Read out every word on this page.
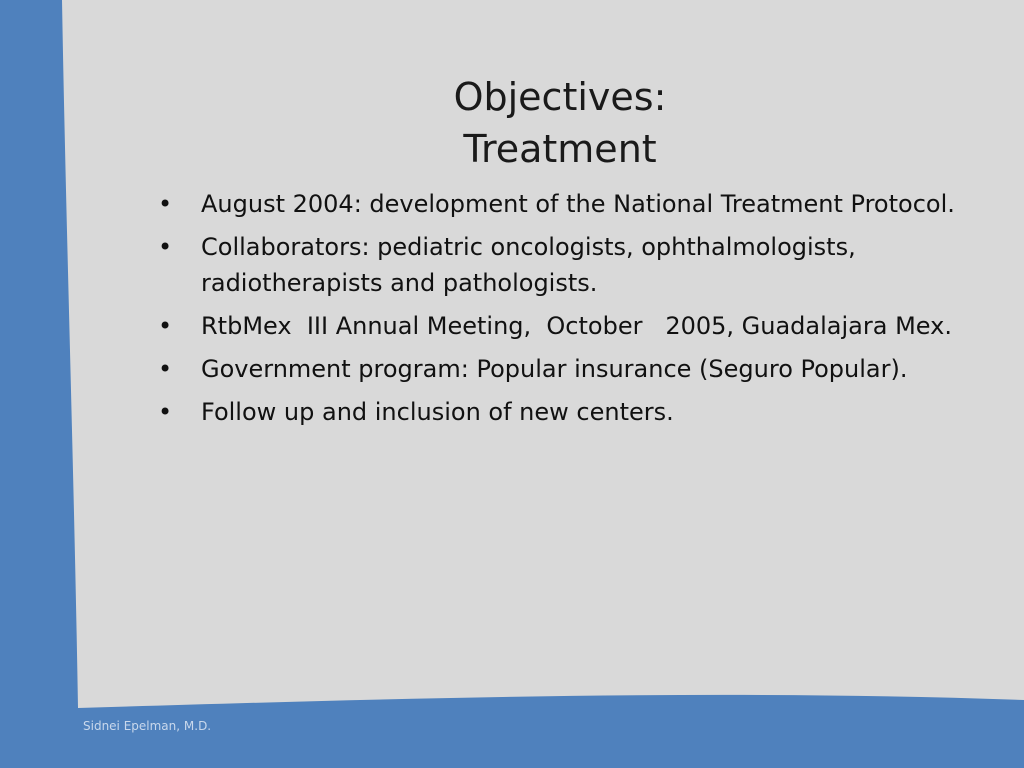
Objectives:
Treatment
• August 2004: development of the National Treatment Protocol.
• Collaborators: pediatric oncologists, ophthalmologists, radiotherapists and pathologists.
• RtbMex  III Annual Meeting,  October   2005, Guadalajara Mex.
• Government program: Popular insurance (Seguro Popular).
• Follow up and inclusion of new centers.
Sidnei Epelman, M.D.
